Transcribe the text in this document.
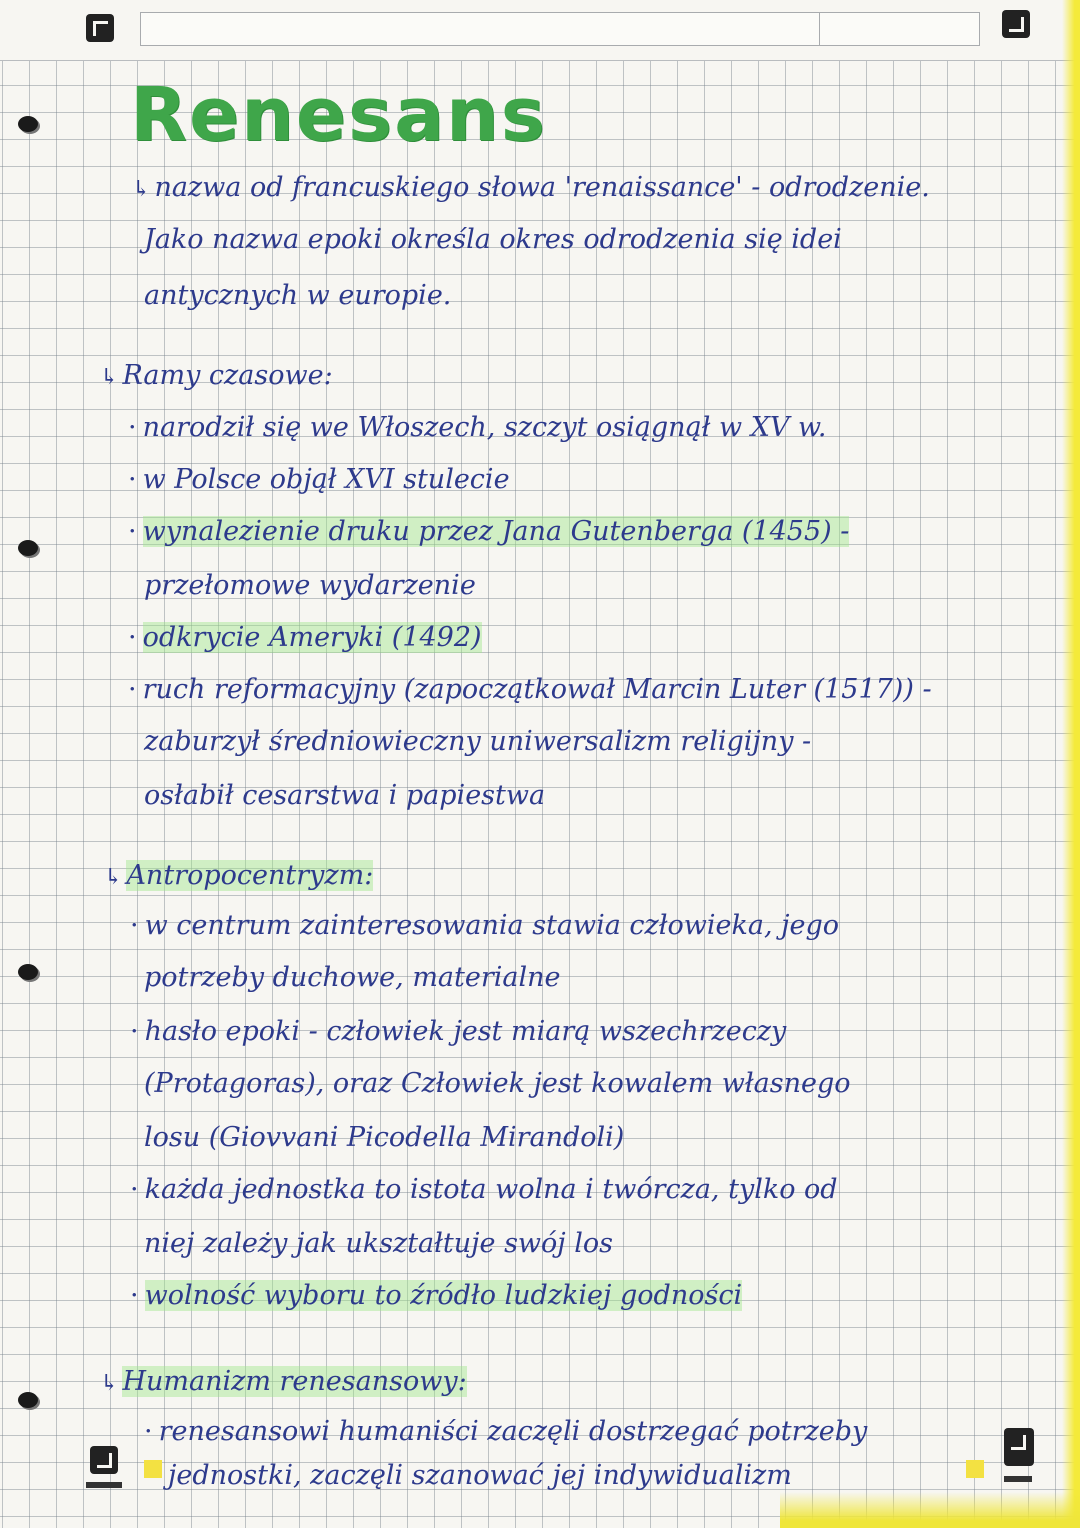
Renesans
↳ nazwa od francuskiego słowa 'renaissance' - odrodzenie.
Jako nazwa epoki określa okres odrodzenia się idei
antycznych w europie.
↳ Ramy czasowe:
· narodził się we Włoszech, szczyt osiągnął w XV w.
· w Polsce objął XVI stulecie
· wynalezienie druku przez Jana Gutenberga (1455) -
przełomowe wydarzenie
· odkrycie Ameryki (1492)
· ruch reformacyjny (zapoczątkował Marcin Luter (1517)) -
zaburzył średniowieczny uniwersalizm religijny -
osłabił cesarstwa i papiestwa
↳ Antropocentryzm:
· w centrum zainteresowania stawia człowieka, jego
potrzeby duchowe, materialne
· hasło epoki - człowiek jest miarą wszechrzeczy
(Protagoras), oraz Człowiek jest kowalem własnego
losu (Giovvani Picodella Mirandoli)
· każda jednostka to istota wolna i twórcza, tylko od
niej zależy jak ukształtuje swój los
· wolność wyboru to źródło ludzkiej godności
↳ Humanizm renesansowy:
· renesansowi humaniści zaczęli dostrzegać potrzeby
jednostki, zaczęli szanować jej indywidualizm
